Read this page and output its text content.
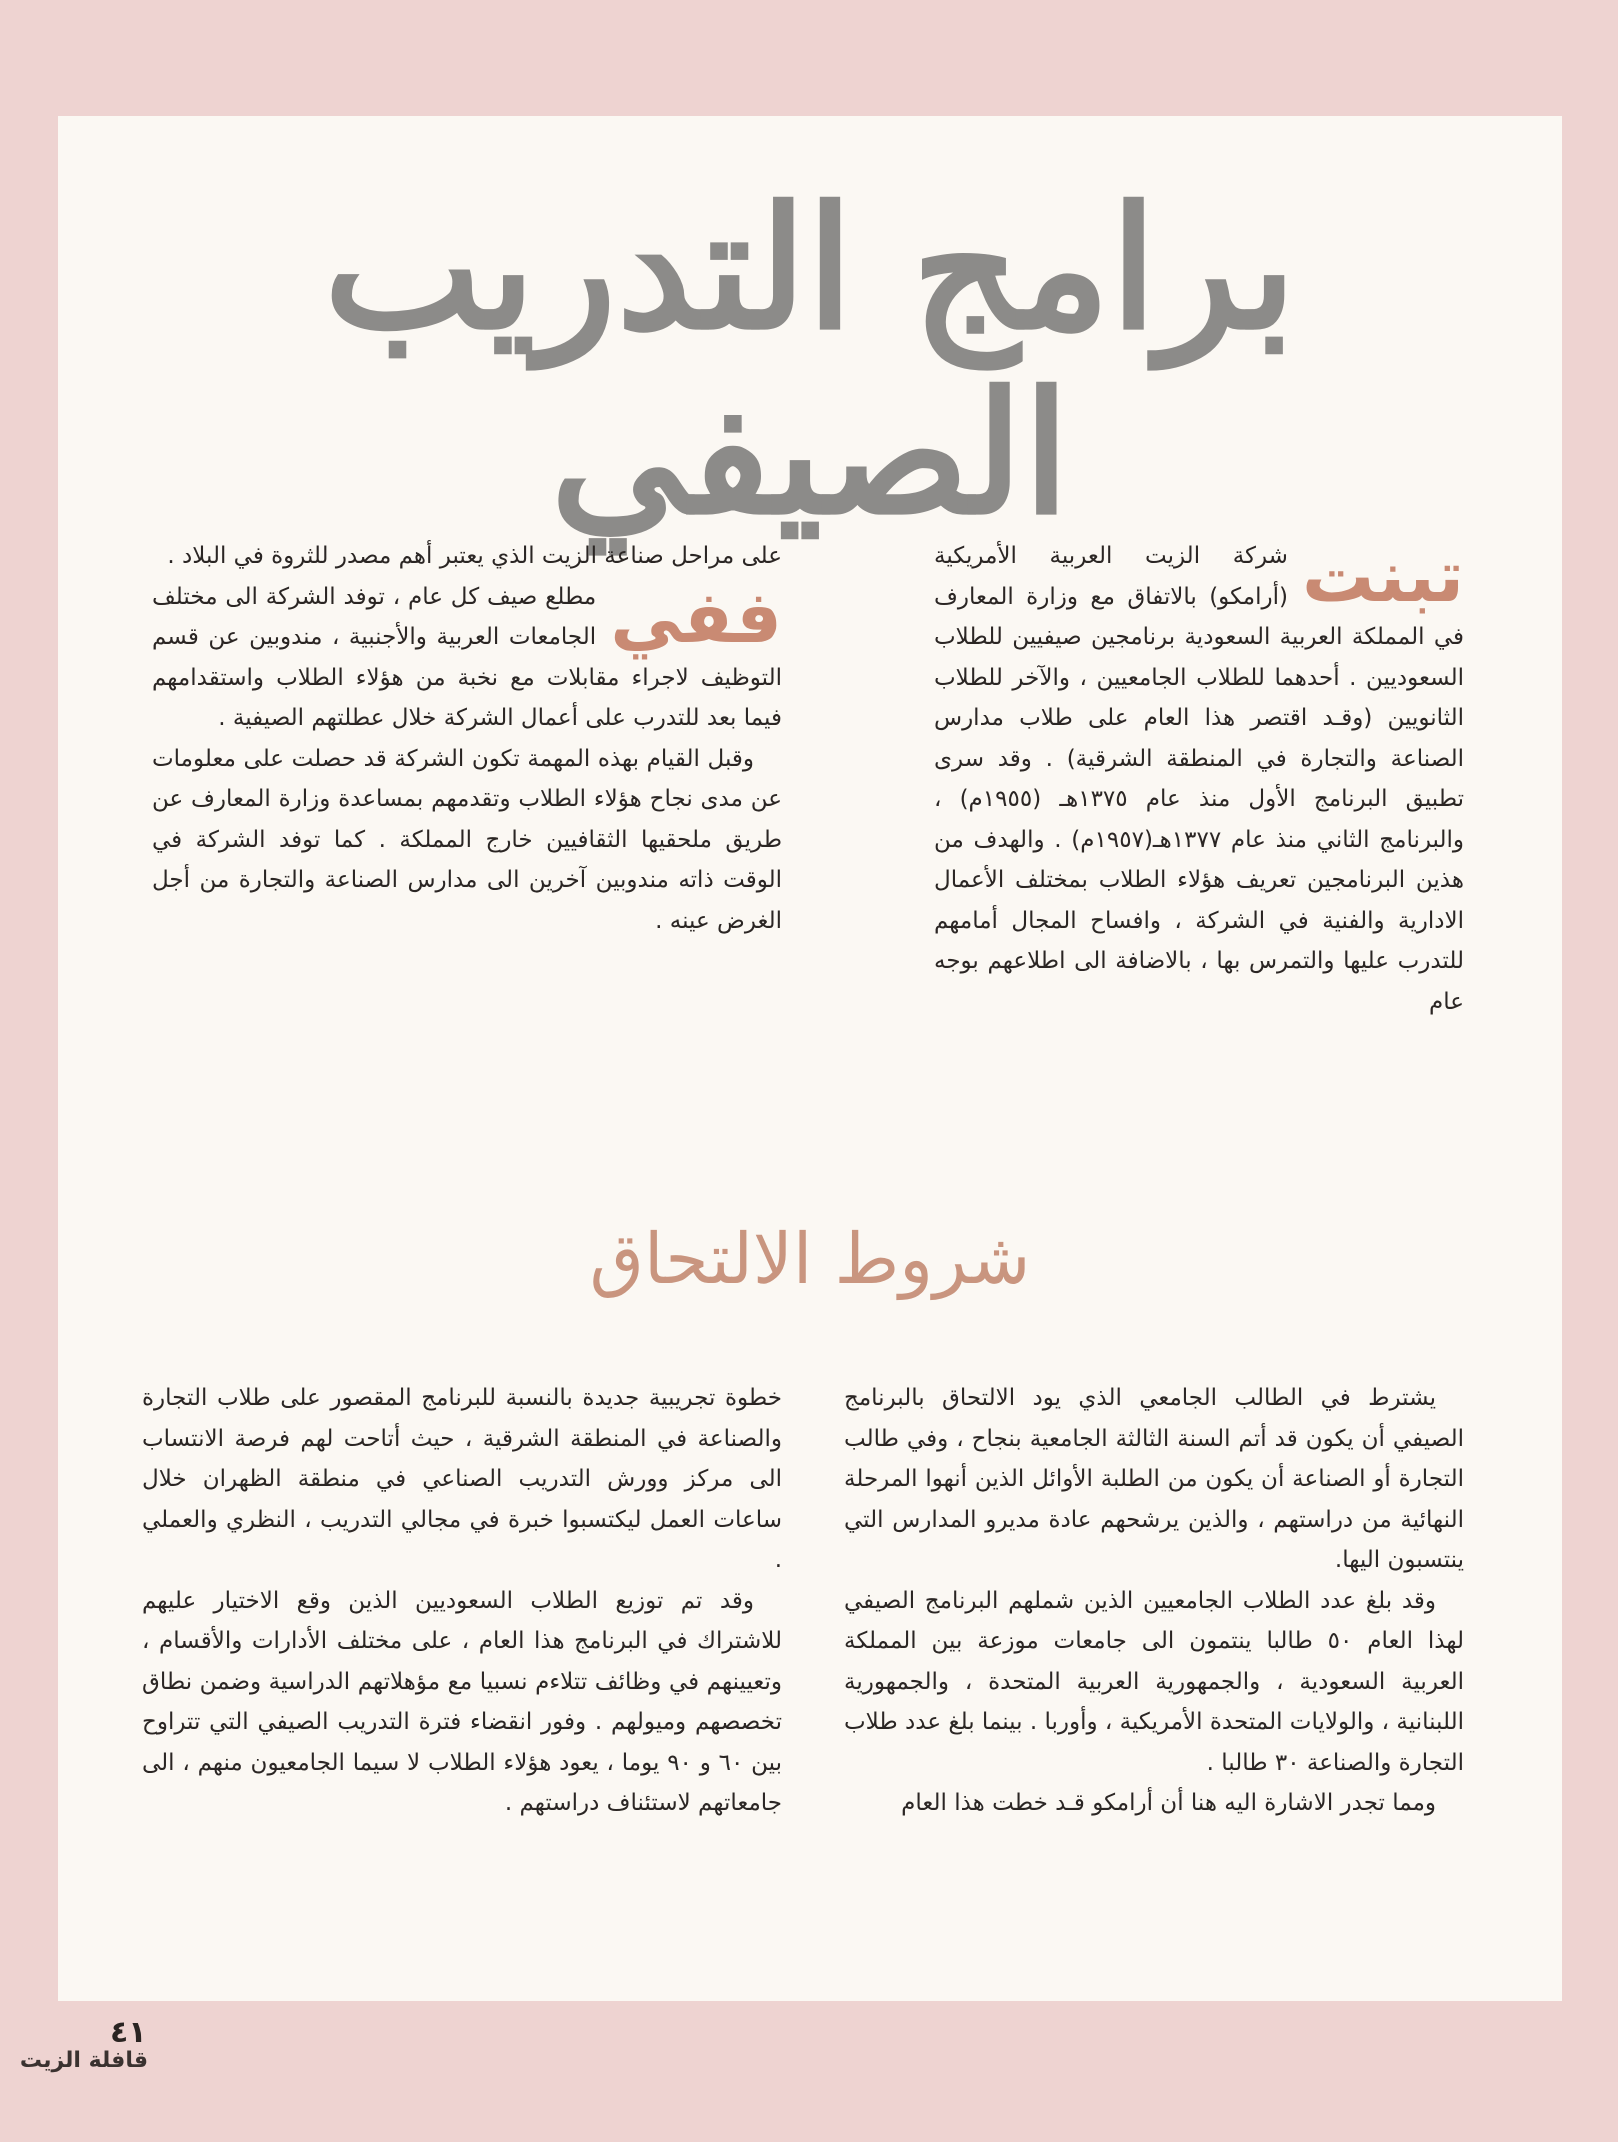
برامج التدريب الصيفي
تبنت

شركة الزيت العربية الأمريكية (أرامكو) بالاتفاق مع وزارة المعارف في المملكة العربية السعودية برنامجين صيفيين للطلاب السعوديين . أحدهما للطلاب الجامعيين ، والآخر للطلاب الثانويين (وقـد اقتصر هذا العام على طلاب مدارس الصناعة والتجارة في المنطقة الشرقية) . وقد سرى تطبيق البرنامج الأول منذ عام ١٣٧٥هـ (١٩٥٥م) ، والبرنامج الثاني منذ عام ١٣٧٧هـ(١٩٥٧م) . والهدف من هذين البرنامجين تعريف هؤلاء الطلاب بمختلف الأعمال الادارية والفنية في الشركة ، وافساح المجال أمامهم للتدرب عليها والتمرس بها ، بالاضافة الى اطلاعهم بوجه عام

على مراحل صناعة الزيت الذي يعتبر أهم مصدر للثروة في البلاد .

ففي

مطلع صيف كل عام ، توفد الشركة الى مختلف الجامعات العربية والأجنبية ، مندوبين عن قسم التوظيف لاجراء مقابلات مع نخبة من هؤلاء الطلاب واستقدامهم فيما بعد للتدرب على أعمال الشركة خلال عطلتهم الصيفية .

وقبل القيام بهذه المهمة تكون الشركة قد حصلت على معلومات عن مدى نجاح هؤلاء الطلاب وتقدمهم بمساعدة وزارة المعارف عن طريق ملحقيها الثقافيين خارج المملكة . كما توفد الشركة في الوقت ذاته مندوبين آخرين الى مدارس الصناعة والتجارة من أجل الغرض عينه .

شروط الالتحاق

يشترط في الطالب الجامعي الذي يود الالتحاق بالبرنامج الصيفي أن يكون قد أتم السنة الثالثة الجامعية بنجاح ، وفي طالب التجارة أو الصناعة أن يكون من الطلبة الأوائل الذين أنهوا المرحلة النهائية من دراستهم ، والذين يرشحهم عادة مديرو المدارس التي ينتسبون اليها.

وقد بلغ عدد الطلاب الجامعيين الذين شملهم البرنامج الصيفي لهذا العام ٥٠ طالبا ينتمون الى جامعات موزعة بين المملكة العربية السعودية ، والجمهورية العربية المتحدة ، والجمهورية اللبنانية ، والولايات المتحدة الأمريكية ، وأوربا . بينما بلغ عدد طلاب التجارة والصناعة ٣٠ طالبا .

ومما تجدر الاشارة اليه هنا أن أرامكو قـد خطت هذا العام

خطوة تجريبية جديدة بالنسبة للبرنامج المقصور على طلاب التجارة والصناعة في المنطقة الشرقية ، حيث أتاحت لهم فرصة الانتساب الى مركز وورش التدريب الصناعي في منطقة الظهران خلال ساعات العمل ليكتسبوا خبرة في مجالي التدريب ، النظري والعملي .

وقد تم توزيع الطلاب السعوديين الذين وقع الاختيار عليهم للاشتراك في البرنامج هذا العام ، على مختلف الأدارات والأقسام ، وتعيينهم في وظائف تتلاءم نسبيا مع مؤهلاتهم الدراسية وضمن نطاق تخصصهم وميولهم . وفور انقضاء فترة التدريب الصيفي التي تتراوح بين ٦٠ و ٩٠ يوما ، يعود هؤلاء الطلاب لا سيما الجامعيون منهم ، الى جامعاتهم لاستئناف دراستهم .

٤١
قافلة الزيت
